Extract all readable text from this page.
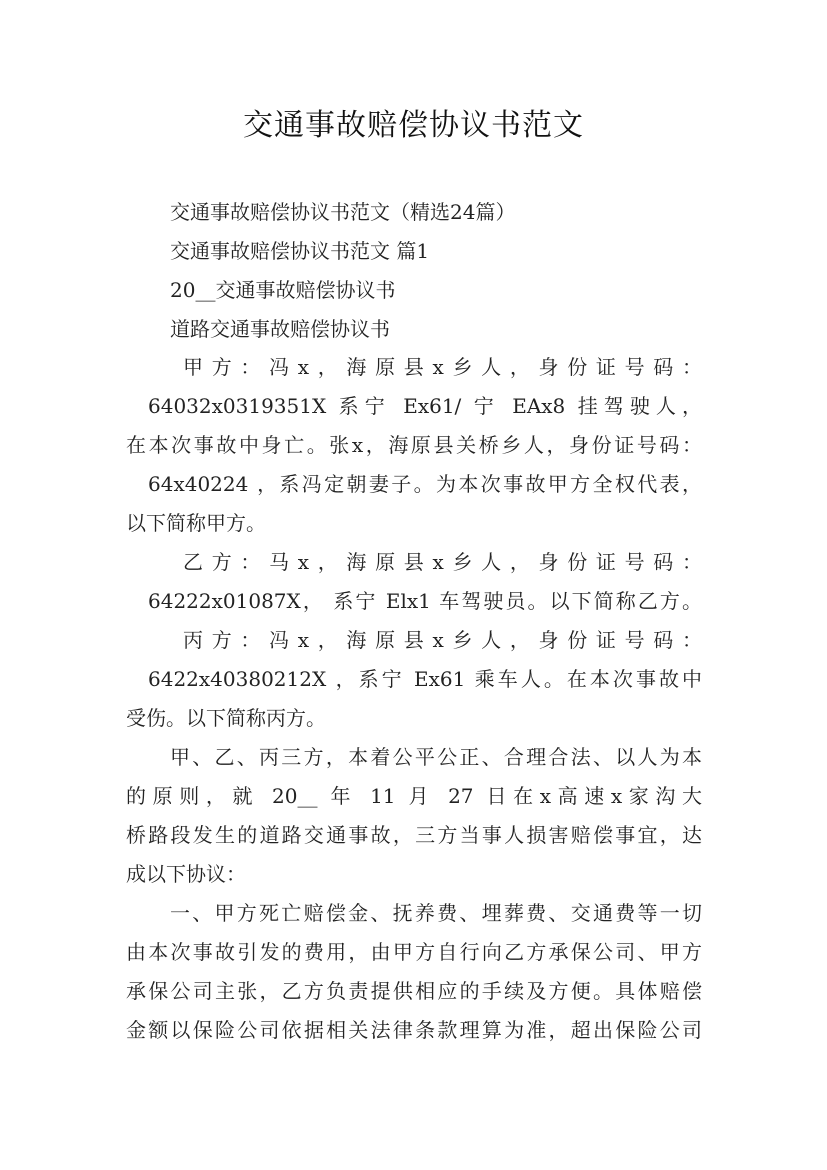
交通事故赔偿协议书范文
交通事故赔偿协议书范文（精选24篇）
交通事故赔偿协议书范文 篇1
20__交通事故赔偿协议书
道路交通事故赔偿协议书
甲方：冯x，海原县x乡人，身份证号码：
64032x0319351X 系宁 Ex61/ 宁 EAx8 挂驾驶人，
在本次事故中身亡。张x，海原县关桥乡人，身份证号码：
64x40224 ，系冯定朝妻子。为本次事故甲方全权代表，
以下简称甲方。
乙方：马x，海原县x乡人，身份证号码：
64222x01087X， 系宁 Elx1 车驾驶员。以下简称乙方。
丙方：冯x，海原县x乡人，身份证号码：
6422x40380212X ，系宁 Ex61 乘车人。在本次事故中
受伤。以下简称丙方。
甲、乙、丙三方，本着公平公正、合理合法、以人为本
的原则，就 20__ 年 11 月 27 日在x高速x家沟大
桥路段发生的道路交通事故，三方当事人损害赔偿事宜，达
成以下协议：
一、甲方死亡赔偿金、抚养费、埋葬费、交通费等一切
由本次事故引发的费用，由甲方自行向乙方承保公司、甲方
承保公司主张，乙方负责提供相应的手续及方便。具体赔偿
金额以保险公司依据相关法律条款理算为准，超出保险公司
